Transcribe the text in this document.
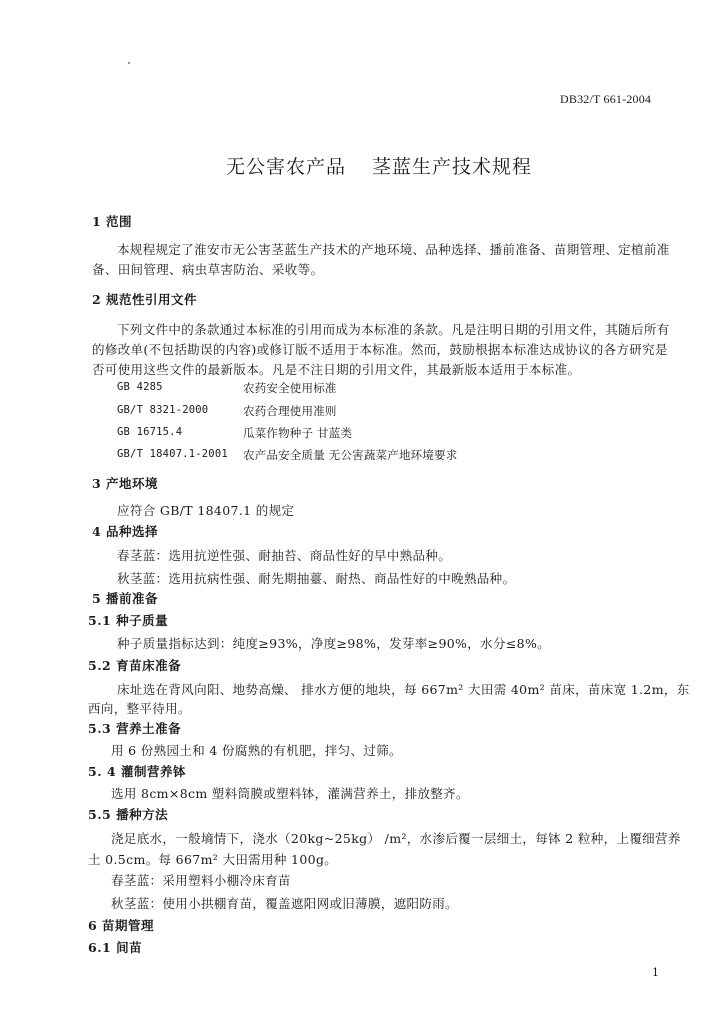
DB32/T 661-2004
无公害农产品 茎蓝生产技术规程
1 范围
本规程规定了淮安市无公害茎蓝生产技术的产地环境、品种选择、播前准备、苗期管理、定植前准
备、田间管理、病虫草害防治、采收等。
2 规范性引用文件
下列文件中的条款通过本标准的引用而成为本标准的条款。凡是注明日期的引用文件，其随后所有
的修改单(不包括勘误的内容)或修订版不适用于本标准。然而，鼓励根据本标准达成协议的各方研究是
否可使用这些文件的最新版本。凡是不注日期的引用文件，其最新版本适用于本标准。
GB 4285	农药安全使用标准
GB/T 8321-2000	农药合理使用准则
GB 16715.4	瓜菜作物种子 甘蓝类
GB/T 18407.1-2001 农产品安全质量 无公害蔬菜产地环境要求
3 产地环境
应符合 GB/T 18407.1 的规定
4 品种选择
春茎蓝：选用抗逆性强、耐抽苔、商品性好的早中熟品种。
秋茎蓝：选用抗病性强、耐先期抽薹、耐热、商品性好的中晚熟品种。
5 播前准备
5.1 种子质量
种子质量指标达到：纯度≥93%，净度≥98%，发芽率≥90%，水分≤8%。
5.2 育苗床准备
床址选在背风向阳、地势高燥、 排水方便的地块，每 667m² 大田需 40m² 苗床，苗床宽 1.2m，东
西向，整平待用。
5.3 营养土准备
用 6 份熟园土和 4 份腐熟的有机肥，拌匀、过筛。
5. 4 灌制营养钵
选用 8cm×8cm 塑料筒膜或塑料钵，灌满营养土，排放整齐。
5.5 播种方法
浇足底水，一般墒情下，浇水（20kg~25kg） /m²，水渗后覆一层细土，每钵 2 粒种，上覆细营养
土 0.5cm。每 667m² 大田需用种 100g。
春茎蓝：采用塑料小棚冷床育苗
秋茎蓝：使用小拱棚育苗，覆盖遮阳网或旧薄膜，遮阳防雨。
6 苗期管理
6.1 间苗
1
